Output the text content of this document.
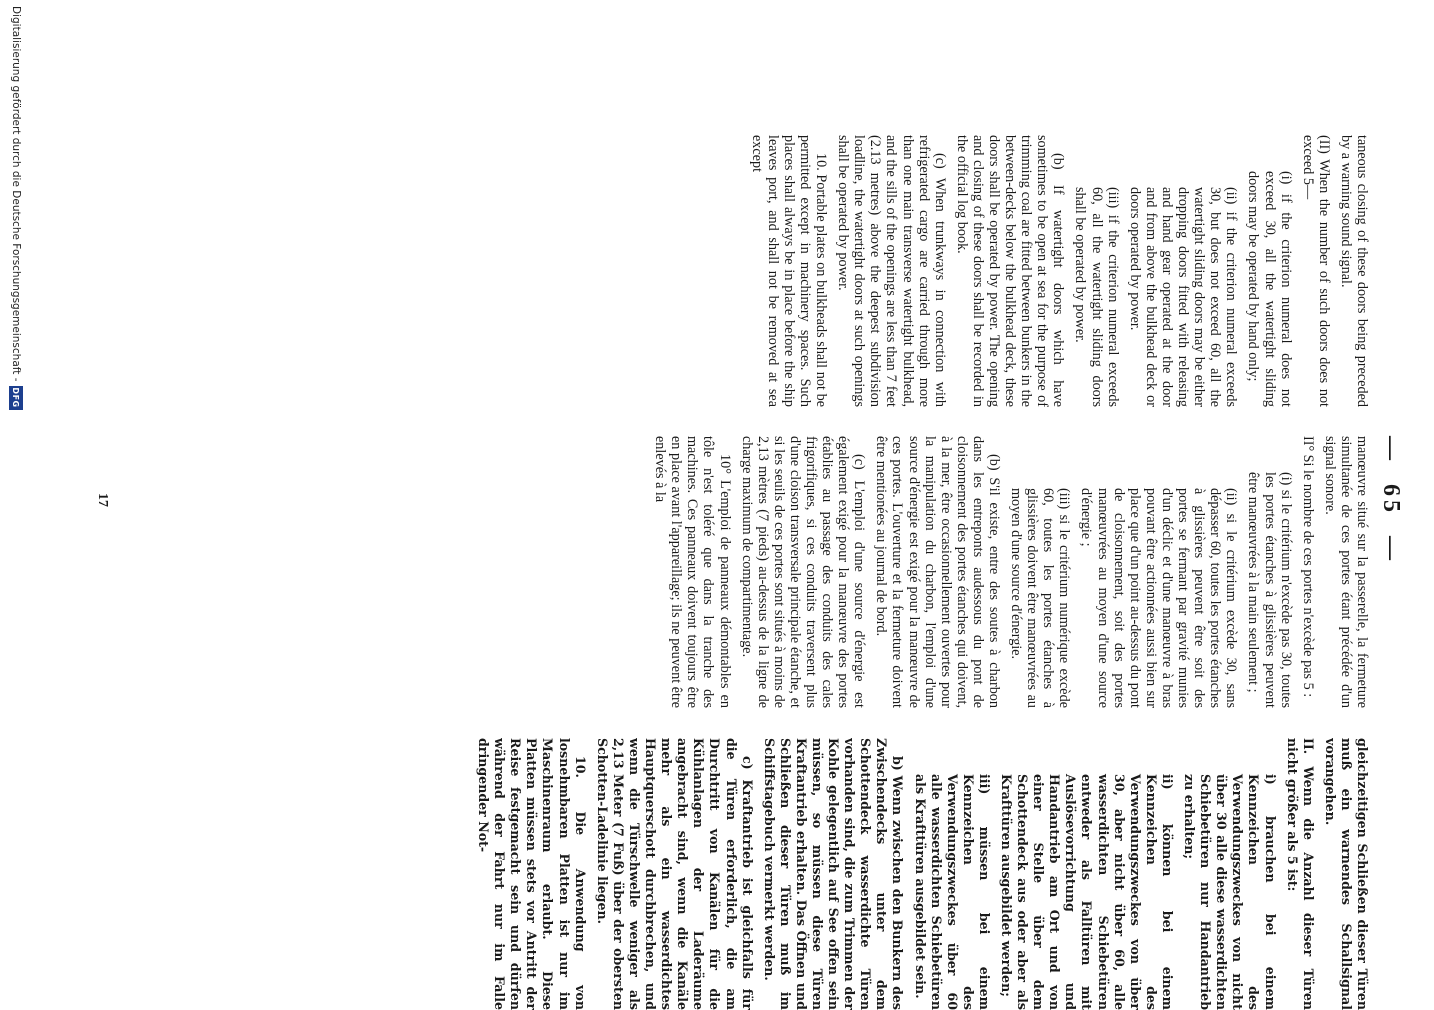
— 65 —

taneous closing of these doors being preceded by a warning sound signal.

(II) When the number of such doors does not exceed 5—

(i) if the criterion numeral does not exceed 30, all the watertight sliding doors may be operated by hand only;

(ii) if the criterion numeral exceeds 30, but does not exceed 60, all the watertight sliding doors may be either dropping doors fitted with releasing and hand gear operated at the door and from above the bulkhead deck or doors operated by power.

(iii) if the criterion numeral exceeds 60, all the watertight sliding doors shall be operated by power.

(b) If watertight doors which have sometimes to be open at sea for the purpose of trimming coal are fitted between bunkers in the between-decks below the bulkhead deck, these doors shall be operated by power. The opening and closing of these doors shall be recorded in the official log book.

(c) When trunkways in connection with refrigerated cargo are carried through more than one main transverse watertight bulkhead, and the sills of the openings are less than 7 feet (2.13 metres) above the deepest subdivision loadline, the watertight doors at such openings shall be operated by power.

10. Portable plates on bulkheads shall not be permitted except in machinery spaces. Such places shall always be in place before the ship leaves port, and shall not be removed at sea except

manœuvre situé sur la passerelle, la fermeture simultanée de ces portes étant précédée d'un signal sonore.

II° Si le nombre de ces portes n'excède pas 5 :

(i) si le critérium n'excède pas 30, toutes les portes étanches à glissières peuvent être manœuvrées à la main seulement ;

(ii) si le critérium excède 30, sans dépasser 60, toutes les portes étanches à glissières peuvent être soit des portes se fermant par gravité munies d'un déclic et d'une manœuvre à bras pouvant être actionnées aussi bien sur place que d'un point au-dessus du pont de cloisonnement, soit des portes manœuvrées au moyen d'une source d'énergie ;

(iii) si le critérium numérique excède 60, toutes les portes étanches à glissières doivent être manœuvrées au moyen d'une source d'énergie.

(b) S'il existe, entre des soutes à charbon dans les entreponts audessous du pont de cloisonnement des portes étanches qui doivent, à la mer, être occasionnellement ouvertes pour la manipulation du charbon, l'emploi d'une source d'énergie est exigé pour la manœuvre de ces portes. L'ouverture et la fermeture doivent être mentionées au journal de bord.

(c) L'emploi d'une source d'énergie est également exigé pour la manœuvre des portes établies au passage des conduits des cales frigorifiques, si ces conduits traversent plus d'une cloison transversale principale étanche, et si les seuils de ces portes sont situés à moins de 2,13 mètres (7 pieds) au-dessus de la ligne de charge maximum de compartimentage.

10° L'emploi de panneaux démontables en tôle n'est toléré que dans la tranche des machines. Ces panneaux doivent toujours être en place avant l'appareillage; ils ne peuvent être enlevés à la

gleichzeitigen Schließen dieser Türen muß ein warnendes Schallsignal vorangehen.

II. Wenn die Anzahl dieser Türen nicht größer als 5 ist:

i) brauchen bei einem Kennzeichen des Verwendungszweckes von nicht über 30 alle diese wasserdichten Schiebetüren nur Handantrieb zu erhalten;

ii) können bei einem Kennzeichen des Verwendungszweckes von über 30, aber nicht über 60, alle wasserdichten Schiebetüren entweder als Falltüren mit Auslösevorrichtung und Handantrieb am Ort und von einer Stelle über dem Schottendeck aus oder aber als Krafttüren ausgebildet werden;

iii) müssen bei einem Kennzeichen des Verwendungszweckes über 60 alle wasserdichten Schiebetüren als Krafttüren ausgebildet sein.

b) Wenn zwischen den Bunkern des Zwischendecks unter dem Schottendeck wasserdichte Türen vorhanden sind, die zum Trimmen der Kohle gelegentlich auf See offen sein müssen, so müssen diese Türen Kraftantrieb erhalten. Das Öffnen und Schließen dieser Türen muß im Schiffstagebuch vermerkt werden.

c) Kraftantrieb ist gleichfalls für die Türen erforderlich, die am Durchtritt von Kanälen für die Kühlanlagen der Laderäume angebracht sind, wenn die Kanäle mehr als ein wasserdichtes Hauptquerschott durchbrechen, und wenn die Türschwelle weniger als 2,13 Meter (7 Fuß) über der obersten Schotten-Ladelinie liegen.

10. Die Anwendung von losnehmbaren Platten ist nur im Maschinenraum erlaubt. Diese Platten müssen stets vor Antritt der Reise festgemacht sein und dürfen während der Fahrt nur im Falle dringender Not-

17
Digitalisierung gefördert durch die Deutsche Forschungsgemeinschaft -
DFG
